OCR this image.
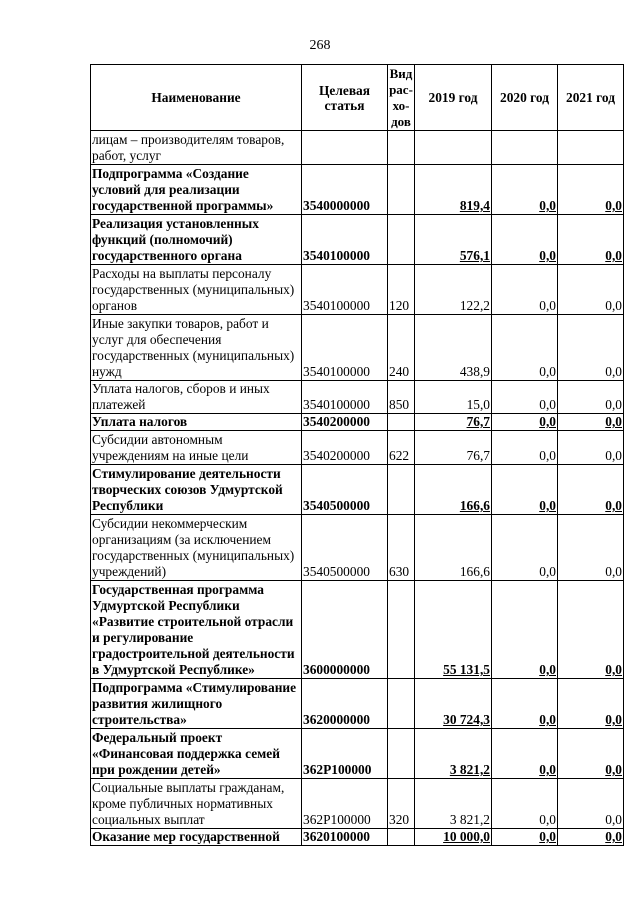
268
Наименование	Целевая статья	Вид рас-хо-дов	2019 год	2020 год	2021 год
лицам – производителям товаров, работ, услуг					
Подпрограмма «Создание условий для реализации государственной программы»	3540000000		819,4	0,0	0,0
Реализация установленных функций (полномочий) государственного органа	3540100000		576,1	0,0	0,0
Расходы на выплаты персоналу государственных (муниципальных) органов	3540100000	120	122,2	0,0	0,0
Иные закупки товаров, работ и услуг для обеспечения государственных (муниципальных) нужд	3540100000	240	438,9	0,0	0,0
Уплата налогов, сборов и иных платежей	3540100000	850	15,0	0,0	0,0
Уплата налогов	3540200000		76,7	0,0	0,0
Субсидии автономным учреждениям на иные цели	3540200000	622	76,7	0,0	0,0
Стимулирование деятельности творческих союзов Удмуртской Республики	3540500000		166,6	0,0	0,0
Субсидии некоммерческим организациям (за исключением государственных (муниципальных) учреждений)	3540500000	630	166,6	0,0	0,0
Государственная программа Удмуртской Республики «Развитие строительной отрасли и регулирование градостроительной деятельности в Удмуртской Республике»	3600000000		55 131,5	0,0	0,0
Подпрограмма «Стимулирование развития жилищного строительства»	3620000000		30 724,3	0,0	0,0
Федеральный проект «Финансовая поддержка семей при рождении детей»	362P100000		3 821,2	0,0	0,0
Социальные выплаты гражданам, кроме публичных нормативных социальных выплат	362P100000	320	3 821,2	0,0	0,0
Оказание мер государственной	3620100000		10 000,0	0,0	0,0
